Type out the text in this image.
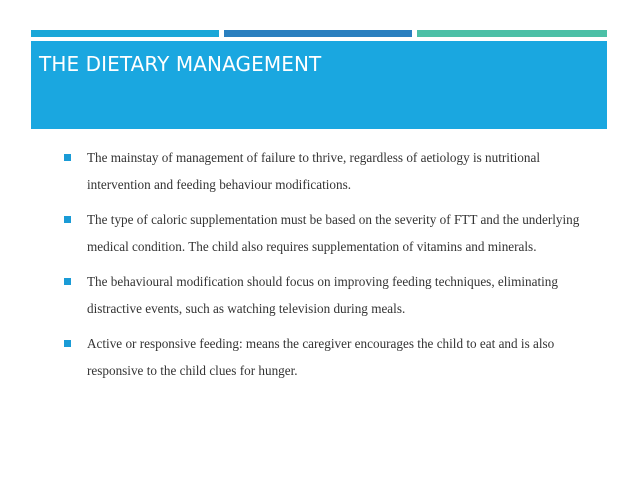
THE DIETARY MANAGEMENT
The mainstay of management of failure to thrive, regardless of aetiology is nutritional intervention and feeding behaviour modifications.
The type of caloric supplementation must be based on the severity of FTT and the underlying medical condition. The child also requires supplementation of vitamins and minerals.
The behavioural modification should focus on improving feeding techniques, eliminating distractive events, such as watching television during meals.
Active or responsive feeding: means the caregiver encourages the child to eat and is also responsive to the child clues for hunger.
